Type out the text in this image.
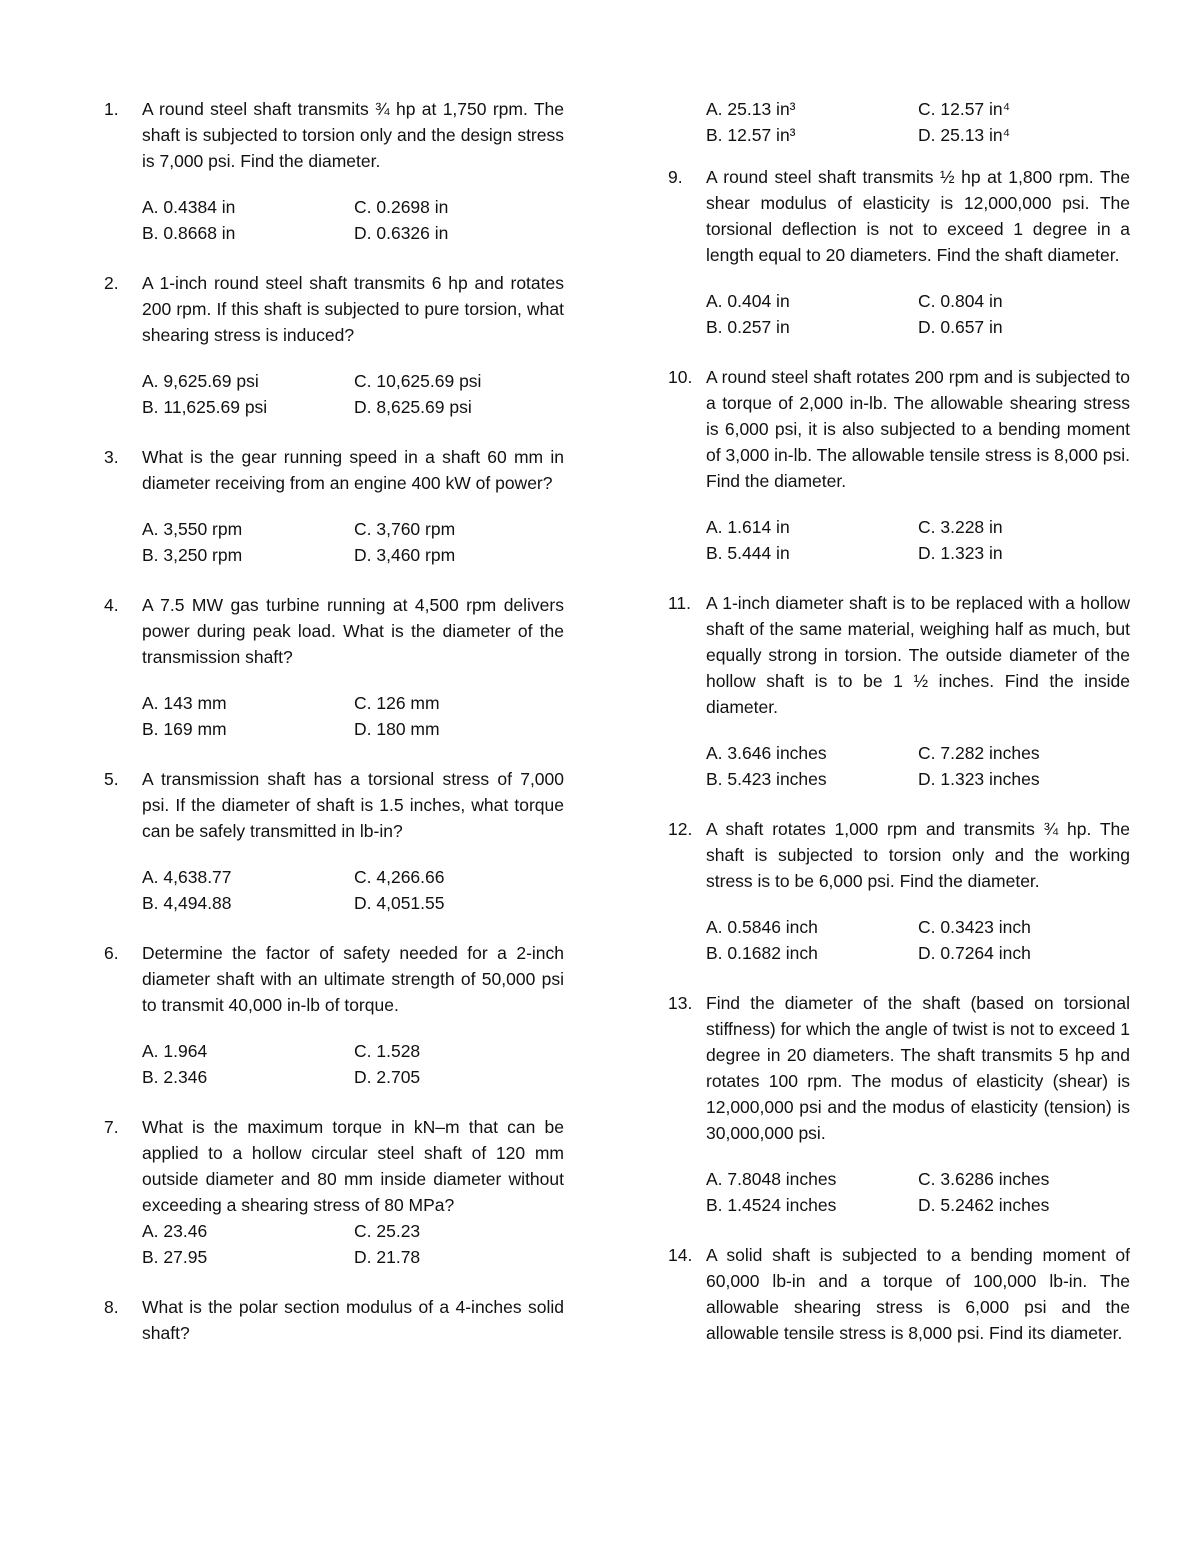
1.	A round steel shaft transmits ¾ hp at 1,750 rpm. The shaft is subjected to torsion only and the design stress is 7,000 psi. Find the diameter.
A. 0.4384 in	C. 0.2698 in
B. 0.8668 in	D. 0.6326 in
2.	A 1-inch round steel shaft transmits 6 hp and rotates 200 rpm. If this shaft is subjected to pure torsion, what shearing stress is induced?
A. 9,625.69 psi	C. 10,625.69 psi
B. 11,625.69 psi	D. 8,625.69 psi
3.	What is the gear running speed in a shaft 60 mm in diameter receiving from an engine 400 kW of power?
A. 3,550 rpm	C. 3,760 rpm
B. 3,250 rpm	D. 3,460 rpm
4.	A 7.5 MW gas turbine running at 4,500 rpm delivers power during peak load. What is the diameter of the transmission shaft?
A. 143 mm	C. 126 mm
B. 169 mm	D. 180 mm
5.	A transmission shaft has a torsional stress of 7,000 psi. If the diameter of shaft is 1.5 inches, what torque can be safely transmitted in lb-in?
A. 4,638.77	C. 4,266.66
B. 4,494.88	D. 4,051.55
6.	Determine the factor of safety needed for a 2-inch diameter shaft with an ultimate strength of 50,000 psi to transmit 40,000 in-lb of torque.
A. 1.964	C. 1.528
B. 2.346	D. 2.705
7.	What is the maximum torque in kN–m that can be applied to a hollow circular steel shaft of 120 mm outside diameter and 80 mm inside diameter without exceeding a shearing stress of 80 MPa?
A. 23.46	C. 25.23
B. 27.95	D. 21.78
8.	What is the polar section modulus of a 4-inches solid shaft?
A. 25.13 in³	C. 12.57 in⁴
B. 12.57 in³	D. 25.13 in⁴
9.	A round steel shaft transmits ½ hp at 1,800 rpm. The shear modulus of elasticity is 12,000,000 psi. The torsional deflection is not to exceed 1 degree in a length equal to 20 diameters. Find the shaft diameter.
A. 0.404 in	C. 0.804 in
B. 0.257 in	D. 0.657 in
10. A round steel shaft rotates 200 rpm and is subjected to a torque of 2,000 in-lb. The allowable shearing stress is 6,000 psi, it is also subjected to a bending moment of 3,000 in-lb. The allowable tensile stress is 8,000 psi. Find the diameter.
A. 1.614 in	C. 3.228 in
B. 5.444 in	D. 1.323 in
11. A 1-inch diameter shaft is to be replaced with a hollow shaft of the same material, weighing half as much, but equally strong in torsion. The outside diameter of the hollow shaft is to be 1 ½ inches. Find the inside diameter.
A. 3.646 inches	C. 7.282 inches
B. 5.423 inches	D. 1.323 inches
12. A shaft rotates 1,000 rpm and transmits ¾ hp. The shaft is subjected to torsion only and the working stress is to be 6,000 psi. Find the diameter.
A. 0.5846 inch	C. 0.3423 inch
B. 0.1682 inch	D. 0.7264 inch
13. Find the diameter of the shaft (based on torsional stiffness) for which the angle of twist is not to exceed 1 degree in 20 diameters. The shaft transmits 5 hp and rotates 100 rpm. The modus of elasticity (shear) is 12,000,000 psi and the modus of elasticity (tension) is 30,000,000 psi.
A. 7.8048 inches	C. 3.6286 inches
B. 1.4524 inches	D. 5.2462 inches
14. A solid shaft is subjected to a bending moment of 60,000 lb-in and a torque of 100,000 lb-in. The allowable shearing stress is 6,000 psi and the allowable tensile stress is 8,000 psi. Find its diameter.
